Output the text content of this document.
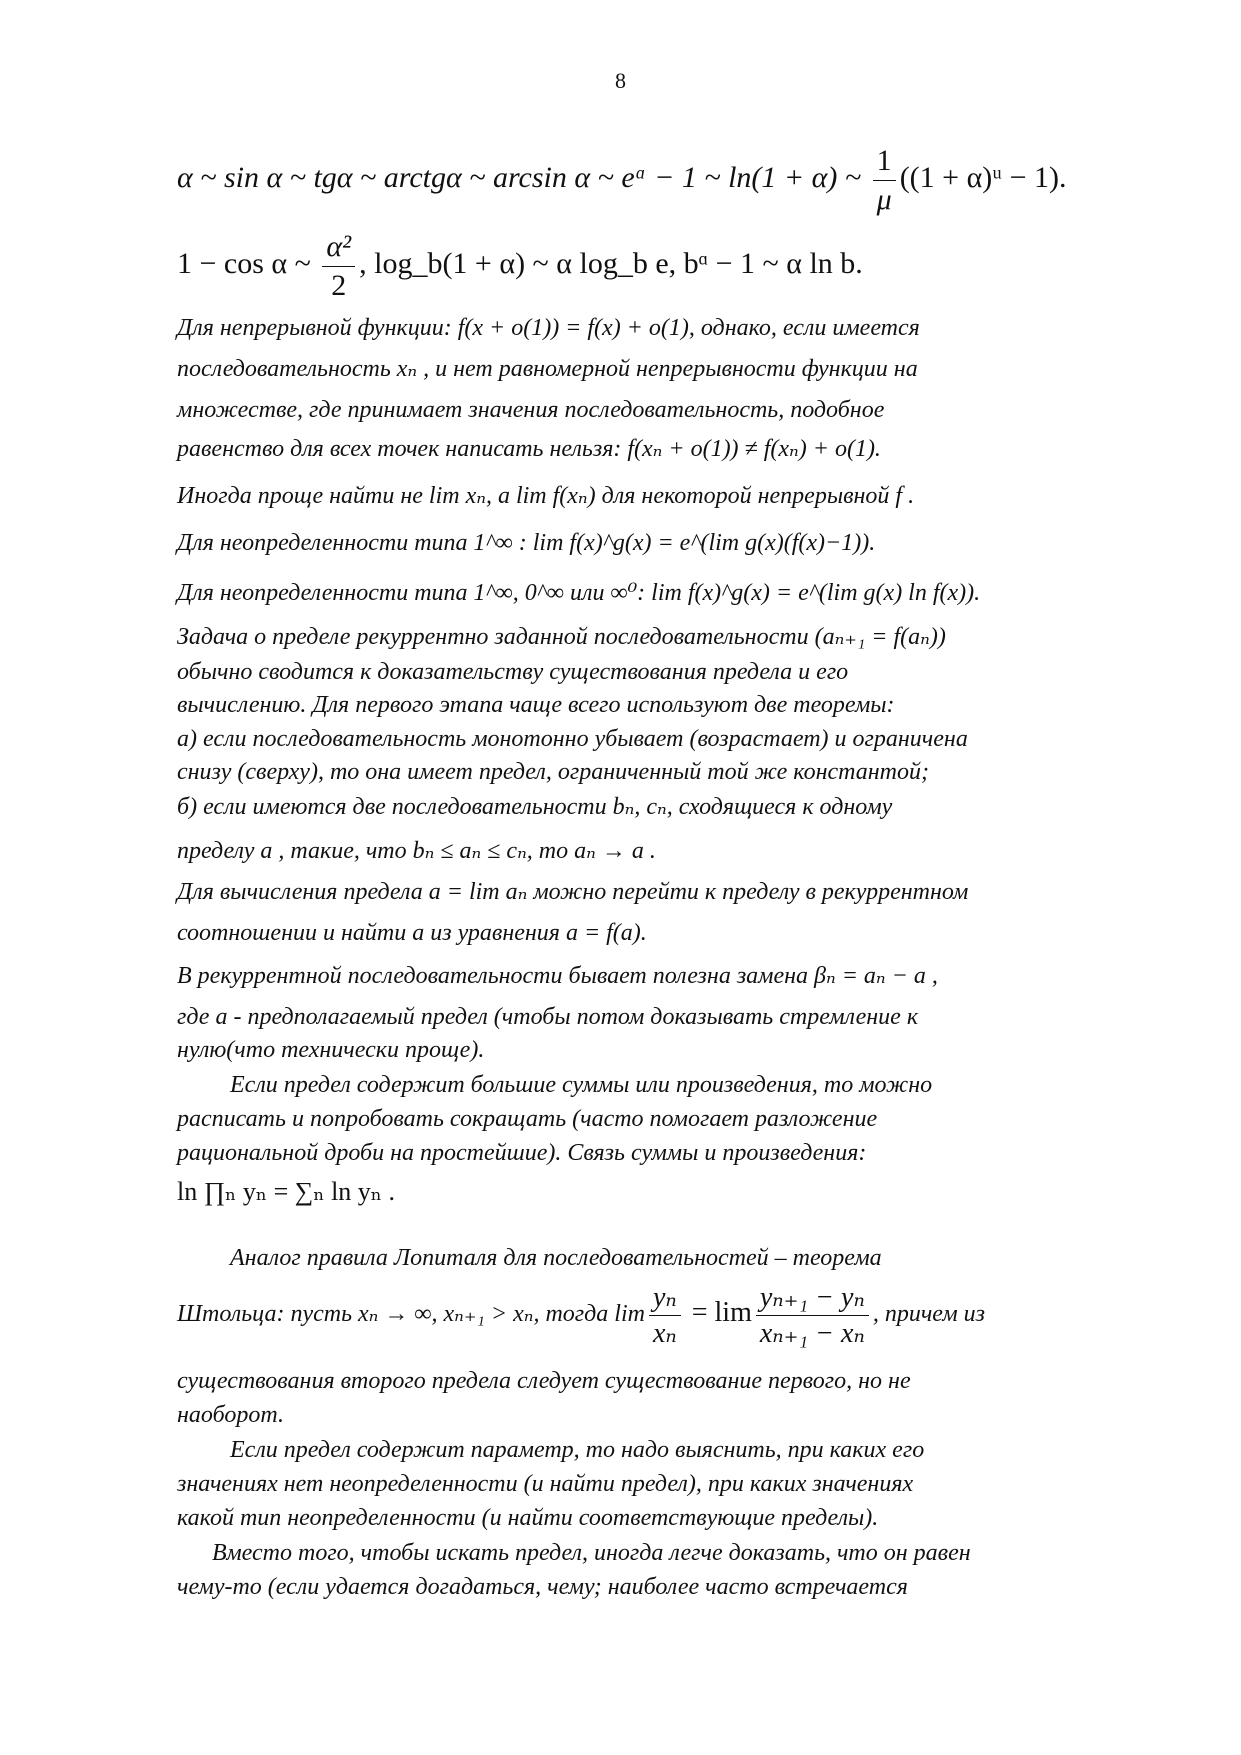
8
α ~ sin α ~ tgα ~ arctgα ~ arcsin α ~ eᵅ − 1 ~ ln(1 + α) ~ $\frac{1}{\mu} ((1$ + α)ᵘ − 1).
1 − cos α ~ $\frac{\text{α²}}{2}$ , log_b(1 + α) ~ α log_b e, bᵅ − 1 ~ α ln b.
Для непрерывной функции: f(x + o(1)) = f(x) + o(1), однако, если имеется
последовательность xₙ , и нет равномерной непрерывности функции на
множестве, где принимает значения последовательность, подобное
равенство для всех точек написать нельзя: f(xₙ + o(1)) ≠ f(xₙ) + o(1).
Иногда проще найти не lim xₙ, а lim f(xₙ) для некоторой непрерывной f .
Для неопределенности типа 1^∞ : lim f(x)^g(x) = e^(lim g(x)(f(x)−1)).
Для неопределенности типа 1^∞, 0^∞ или ∞⁰: lim f(x)^g(x) = e^(lim g(x) ln f(x)).
Задача о пределе рекуррентно заданной последовательности (aₙ₊₁ = f(aₙ))
обычно сводится к доказательству существования предела и его
вычислению. Для первого этапа чаще всего используют две теоремы:
а) если последовательность монотонно убывает (возрастает) и ограничена
снизу (сверху), то она имеет предел, ограниченный той же константой;
б) если имеются две последовательности bₙ, cₙ, сходящиеся к одному
пределу a , такие, что bₙ ≤ aₙ ≤ cₙ, то aₙ → a .
Для вычисления предела a = lim aₙ можно перейти к пределу в рекуррентном
соотношении и найти a из уравнения a = f(a).
В рекуррентной последовательности бывает полезна замена βₙ = aₙ − a ,
где a - предполагаемый предел (чтобы потом доказывать стремление к
нулю(что технически проще).
Если предел содержит большие суммы или произведения, то можно
расписать и попробовать сокращать (часто помогает разложение
рациональной дроби на простейшие). Связь суммы и произведения:
ln ∏ₙ yₙ = ∑ₙ ln yₙ .
Аналог правила Лопиталя для последовательностей – теорема
Штольца: пусть xₙ → ∞, xₙ₊₁ > xₙ, тогда $\lim \frac{\text{yₙ}}{\text{xₙ}} = \lim \frac{\text{yₙ₊₁ − yₙ}}{\text{xₙ₊₁ − xₙ}}$ , причем из
существования второго предела следует существование первого, но не
наоборот.
Если предел содержит параметр, то надо выяснить, при каких его
значениях нет неопределенности (и найти предел), при каких значениях
какой тип неопределенности (и найти соответствующие пределы).
Вместо того, чтобы искать предел, иногда легче доказать, что он равен
чему-то (если удается догадаться, чему; наиболее часто встречается
